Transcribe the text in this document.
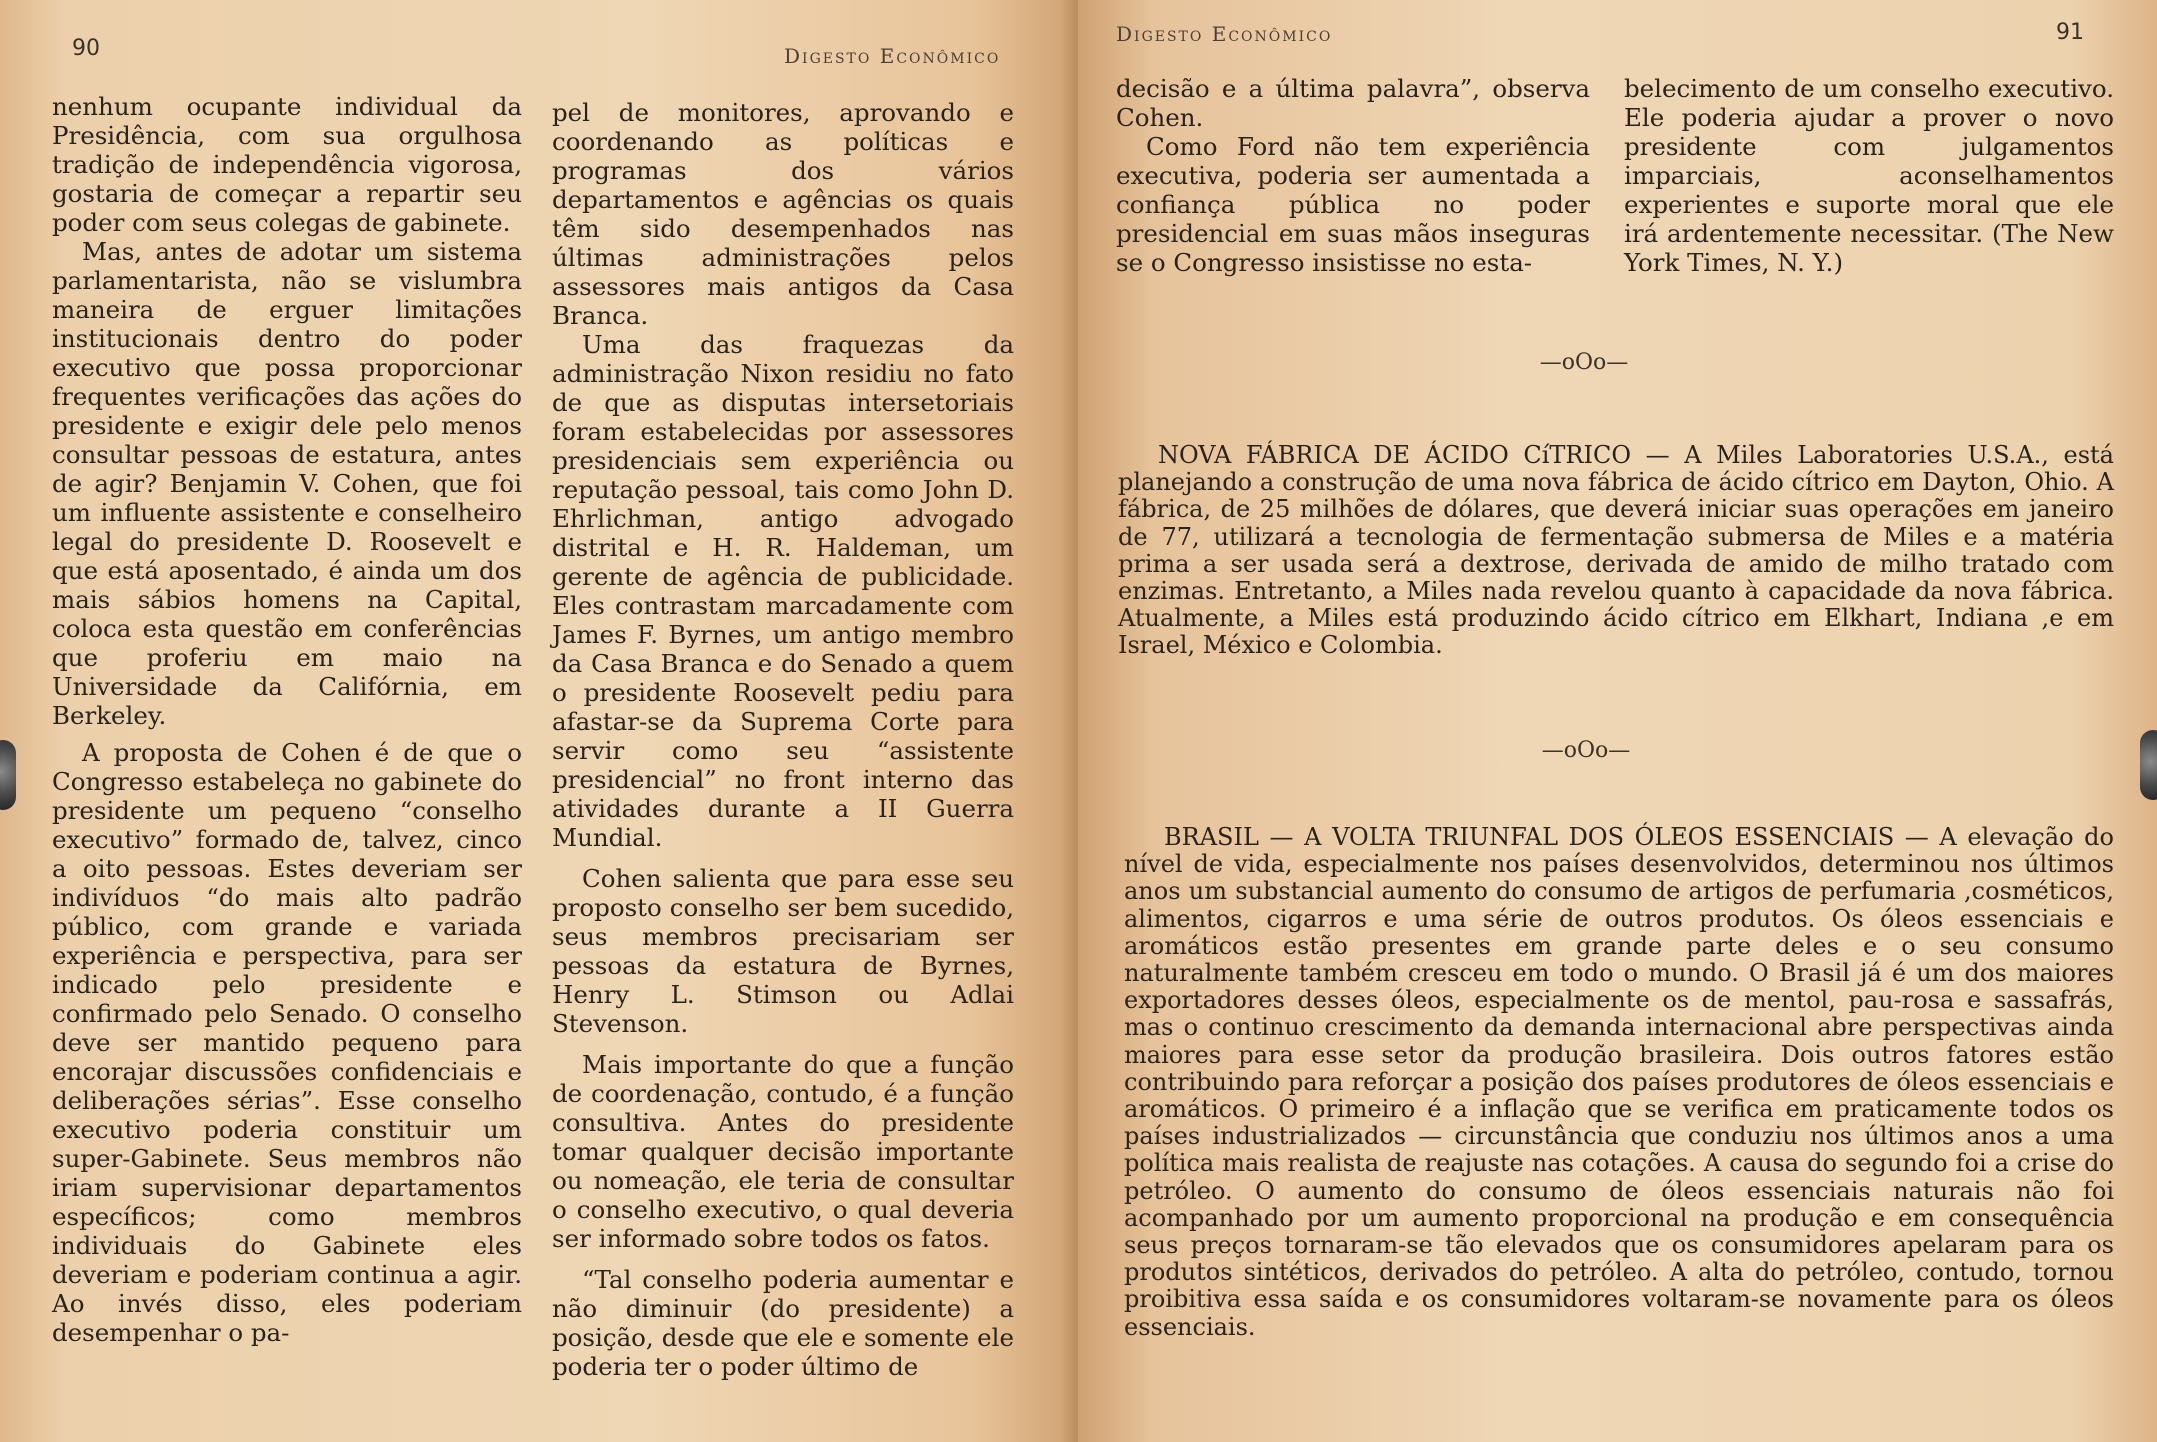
90	Digesto Econômico

nenhum ocupante individual da Presidência, com sua orgulhosa tradição de independência vigorosa, gostaria de começar a repartir seu poder com seus colegas de gabinete.

Mas, antes de adotar um sistema parlamentarista, não se vislumbra maneira de erguer limitações institucionais dentro do poder executivo que possa proporcionar frequentes verificações das ações do presidente e exigir dele pelo menos consultar pessoas de estatura, antes de agir? Benjamin V. Cohen, que foi um influente assistente e conselheiro legal do presidente D. Roosevelt e que está aposentado, é ainda um dos mais sábios homens na Capital, coloca esta questão em conferências que proferiu em maio na Universidade da Califórnia, em Berkeley.

A proposta de Cohen é de que o Congresso estabeleça no gabinete do presidente um pequeno “conselho executivo” formado de, talvez, cinco a oito pessoas. Estes deveriam ser indivíduos “do mais alto padrão público, com grande e variada experiência e perspectiva, para ser indicado pelo presidente e confirmado pelo Senado. O conselho deve ser mantido pequeno para encorajar discussões confidenciais e deliberações sérias”. Esse conselho executivo poderia constituir um super-Gabinete. Seus membros não iriam supervisionar departamentos específicos; como membros individuais do Gabinete eles deveriam e poderiam continua a agir. Ao invés disso, eles poderiam desempenhar o pa-

pel de monitores, aprovando e coordenando as políticas e programas dos vários departamentos e agências os quais têm sido desempenhados nas últimas administrações pelos assessores mais antigos da Casa Branca.

Uma das fraquezas da administração Nixon residiu no fato de que as disputas intersetoriais foram estabelecidas por assessores presidenciais sem experiência ou reputação pessoal, tais como John D. Ehrlichman, antigo advogado distrital e H. R. Haldeman, um gerente de agência de publicidade. Eles contrastam marcadamente com James F. Byrnes, um antigo membro da Casa Branca e do Senado a quem o presidente Roosevelt pediu para afastar-se da Suprema Corte para servir como seu “assistente presidencial” no front interno das atividades durante a II Guerra Mundial.

Cohen salienta que para esse seu proposto conselho ser bem sucedido, seus membros precisariam ser pessoas da estatura de Byrnes, Henry L. Stimson ou Adlai Stevenson.

Mais importante do que a função de coordenação, contudo, é a função consultiva. Antes do presidente tomar qualquer decisão importante ou nomeação, ele teria de consultar o conselho executivo, o qual deveria ser informado sobre todos os fatos.

“Tal conselho poderia aumentar e não diminuir (do presidente) a posição, desde que ele e somente ele poderia ter o poder último de

Digesto Econômico	91

decisão e a última palavra”, observa Cohen.

Como Ford não tem experiência executiva, poderia ser aumentada a confiança pública no poder presidencial em suas mãos inseguras se o Congresso insistisse no esta-

belecimento de um conselho executivo. Ele poderia ajudar a prover o novo presidente com julgamentos imparciais, aconselhamentos experientes e suporte moral que ele irá ardentemente necessitar. (The New York Times, N. Y.)

—oOo—

NOVA FÁBRICA DE ÁCIDO CíTRICO — A Miles Laboratories U.S.A., está planejando a construção de uma nova fábrica de ácido cítrico em Dayton, Ohio. A fábrica, de 25 milhões de dólares, que deverá iniciar suas operações em janeiro de 77, utilizará a tecnologia de fermentação submersa de Miles e a matéria prima a ser usada será a dextrose, derivada de amido de milho tratado com enzimas. Entretanto, a Miles nada revelou quanto à capacidade da nova fábrica. Atualmente, a Miles está produzindo ácido cítrico em Elkhart, Indiana ,e em Israel, México e Colombia.

—oOo—

BRASIL — A VOLTA TRIUNFAL DOS ÓLEOS ESSENCIAIS — A elevação do nível de vida, especialmente nos países desenvolvidos, determinou nos últimos anos um substancial aumento do consumo de artigos de perfumaria ,cosméticos, alimentos, cigarros e uma série de outros produtos. Os óleos essenciais e aromáticos estão presentes em grande parte deles e o seu consumo naturalmente também cresceu em todo o mundo. O Brasil já é um dos maiores exportadores desses óleos, especialmente os de mentol, pau-rosa e sassafrás, mas o continuo crescimento da demanda internacional abre perspectivas ainda maiores para esse setor da produção brasileira. Dois outros fatores estão contribuindo para reforçar a posição dos países produtores de óleos essenciais e aromáticos. O primeiro é a inflação que se verifica em praticamente todos os países industrializados — circunstância que conduziu nos últimos anos a uma política mais realista de reajuste nas cotações. A causa do segundo foi a crise do petróleo. O aumento do consumo de óleos essenciais naturais não foi acompanhado por um aumento proporcional na produção e em consequência seus preços tornaram-se tão elevados que os consumidores apelaram para os produtos sintéticos, derivados do petróleo. A alta do petróleo, contudo, tornou proibitiva essa saída e os consumidores voltaram-se novamente para os óleos essenciais.
